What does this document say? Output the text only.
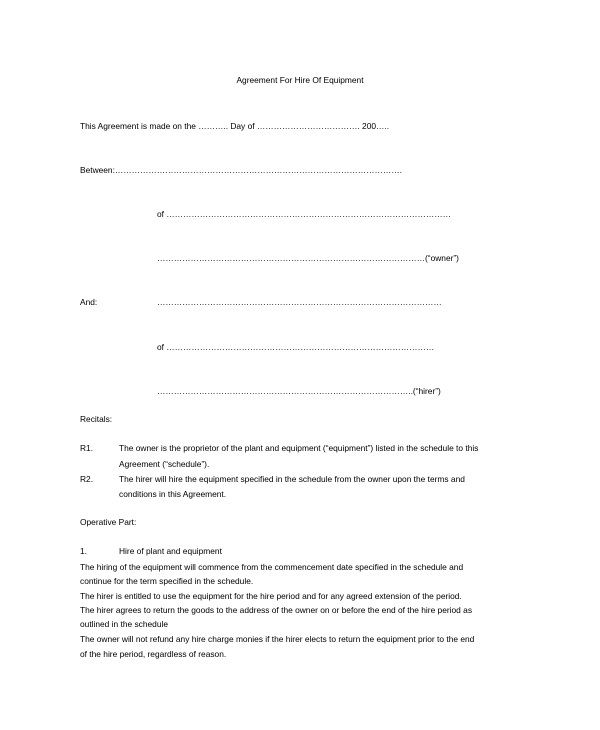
Agreement For Hire Of Equipment
This Agreement is made on the ……….. Day of ………………………………. 200…..
Between:………………………………………………………………………………………….
of …………………………………………………………………………………………
……………………………………………………………………………………(“owner”)
And:	…………………………………………………………………………………………
of ……………………………………………………………………………………
………………………………………………………………………………..(“hirer”)
Recitals:
R1.	The owner is the proprietor of the plant and equipment (“equipment”) listed in the schedule to this
Agreement (“schedule”).
R2.	The hirer will hire the equipment specified in the schedule from the owner upon the terms and
conditions in this Agreement.
Operative Part:
1.	Hire of plant and equipment
The hiring of the equipment will commence from the commencement date specified in the schedule and
continue for the term specified in the schedule.
The hirer is entitled to use the equipment for the hire period and for any agreed extension of the period.
The hirer agrees to return the goods to the address of the owner on or before the end of the hire period as
outlined in the schedule
The owner will not refund any hire charge monies if the hirer elects to return the equipment prior to the end
of the hire period, regardless of reason.
